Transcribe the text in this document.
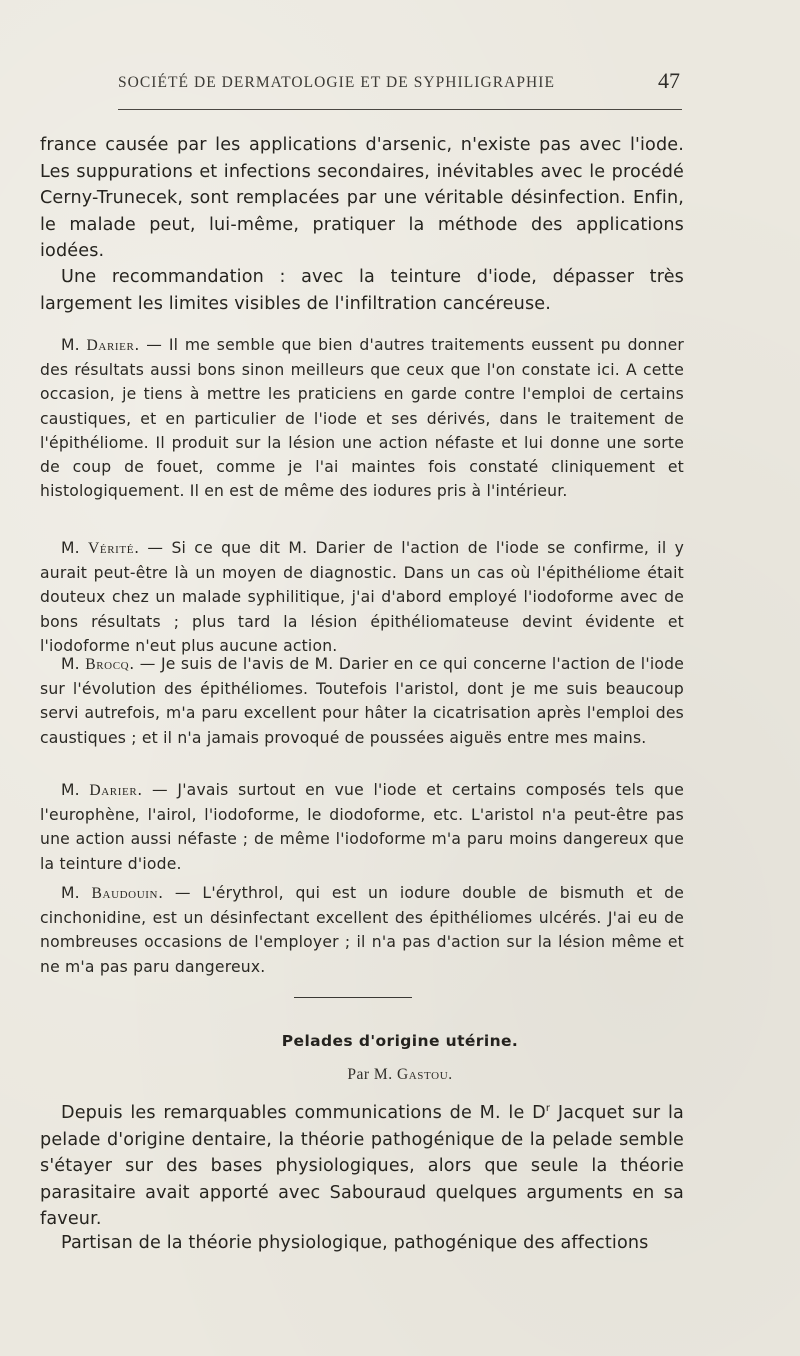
SOCIÉTÉ DE DERMATOLOGIE ET DE SYPHILIGRAPHIE	47

france causée par les applications d'arsenic, n'existe pas avec l'iode. Les suppurations et infections secondaires, inévitables avec le procédé Cerny-Trunecek, sont remplacées par une véritable désinfection. Enfin, le malade peut, lui-même, pratiquer la méthode des applications iodées.

Une recommandation : avec la teinture d'iode, dépasser très largement les limites visibles de l'infiltration cancéreuse.

M. Darier. — Il me semble que bien d'autres traitements eussent pu donner des résultats aussi bons sinon meilleurs que ceux que l'on constate ici. A cette occasion, je tiens à mettre les praticiens en garde contre l'emploi de certains caustiques, et en particulier de l'iode et ses dérivés, dans le traitement de l'épithéliome. Il produit sur la lésion une action néfaste et lui donne une sorte de coup de fouet, comme je l'ai maintes fois constaté cliniquement et histologiquement. Il en est de même des iodures pris à l'intérieur.

M. Vérité. — Si ce que dit M. Darier de l'action de l'iode se confirme, il y aurait peut-être là un moyen de diagnostic. Dans un cas où l'épithéliome était douteux chez un malade syphilitique, j'ai d'abord employé l'iodoforme avec de bons résultats ; plus tard la lésion épithéliomateuse devint évidente et l'iodoforme n'eut plus aucune action.

M. Brocq. — Je suis de l'avis de M. Darier en ce qui concerne l'action de l'iode sur l'évolution des épithéliomes. Toutefois l'aristol, dont je me suis beaucoup servi autrefois, m'a paru excellent pour hâter la cicatrisation après l'emploi des caustiques ; et il n'a jamais provoqué de poussées aiguës entre mes mains.

M. Darier. — J'avais surtout en vue l'iode et certains composés tels que l'europhène, l'airol, l'iodoforme, le diodoforme, etc. L'aristol n'a peut-être pas une action aussi néfaste ; de même l'iodoforme m'a paru moins dangereux que la teinture d'iode.

M. Baudouin. — L'érythrol, qui est un iodure double de bismuth et de cinchonidine, est un désinfectant excellent des épithéliomes ulcérés. J'ai eu de nombreuses occasions de l'employer ; il n'a pas d'action sur la lésion même et ne m'a pas paru dangereux.

Pelades d'origine utérine.
Par M. Gastou.

Depuis les remarquables communications de M. le $D^r$ Jacquet sur la pelade d'origine dentaire, la théorie pathogénique de la pelade semble s'étayer sur des bases physiologiques, alors que seule la théorie parasitaire avait apporté avec Sabouraud quelques arguments en sa faveur.

Partisan de la théorie physiologique, pathogénique des affections
